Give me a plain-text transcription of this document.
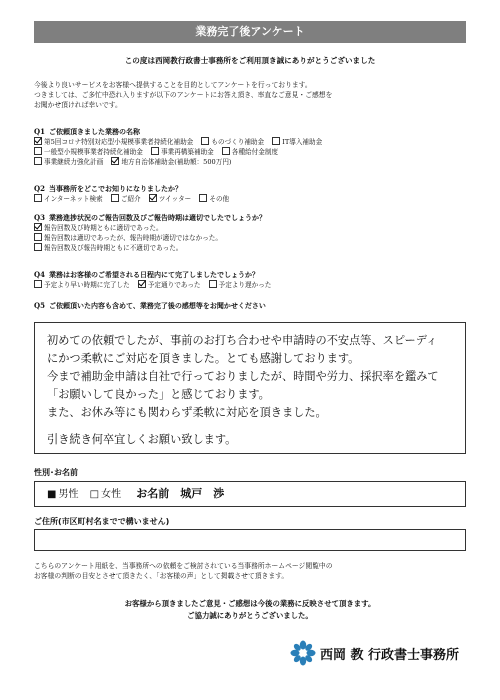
業務完了後アンケート
この度は西岡教行政書士事務所をご利用頂き誠にありがとうございました
今後より良いサービスをお客様へ提供することを目的としてアンケートを行っております。
つきましては、ご多忙中恐れ入りますが以下のアンケートにお答え頂き、率直なご意見・ご感想を
お聞かせ頂ければ幸いです。
Q1 ご依頼頂きました業務の名称
第5回コロナ特別対応型小規模事業者持続化補助金	ものづくり補助金	IT導入補助金
一般型小規模事業者持続化補助金	事業再構築補助金	各種給付金制度
事業継続力強化計画	地方自治体補助金(補助額：500万円)
Q2 当事務所をどこでお知りになりましたか？
インターネット検索	ご紹介	ツイッター	その他
Q3 業務進捗状況のご報告回数及びご報告時期は適切でしたでしょうか？
報告回数及び時期ともに適切であった。
報告回数は適切であったが、報告時期が適切ではなかった。
報告回数及び報告時期ともに不適切であった。
Q4 業務はお客様のご希望される日程内にて完了しましたでしょうか？
予定より早い時期に完了した	予定通りであった	予定より遅かった
Q5 ご依頼頂いた内容も含めて、業務完了後の感想等をお聞かせください
初めての依頼でしたが、事前のお打ち合わせや申請時の不安点等、スピーディ
にかつ柔軟にご対応を頂きました。とても感謝しております。
今まで補助金申請は自社で行っておりましたが、時間や労力、採択率を鑑みて
「お願いして良かった」と感じております。
また、お休み等にも関わらず柔軟に対応を頂きました。
引き続き何卒宜しくお願い致します。
性別･お名前
■ 男性 □ 女性 お名前　城戸　渉
ご住所(市区町村名までで構いません)
こちらのアンケート用紙を、当事務所への依頼をご検討されている当事務所ホームページ閲覧中の
お客様の判断の目安とさせて頂きたく、「お客様の声」として掲載させて頂きます。
お客様から頂きましたご意見・ご感想は今後の業務に反映させて頂きます。
ご協力誠にありがとうございました。
西岡 教 行政書士事務所
